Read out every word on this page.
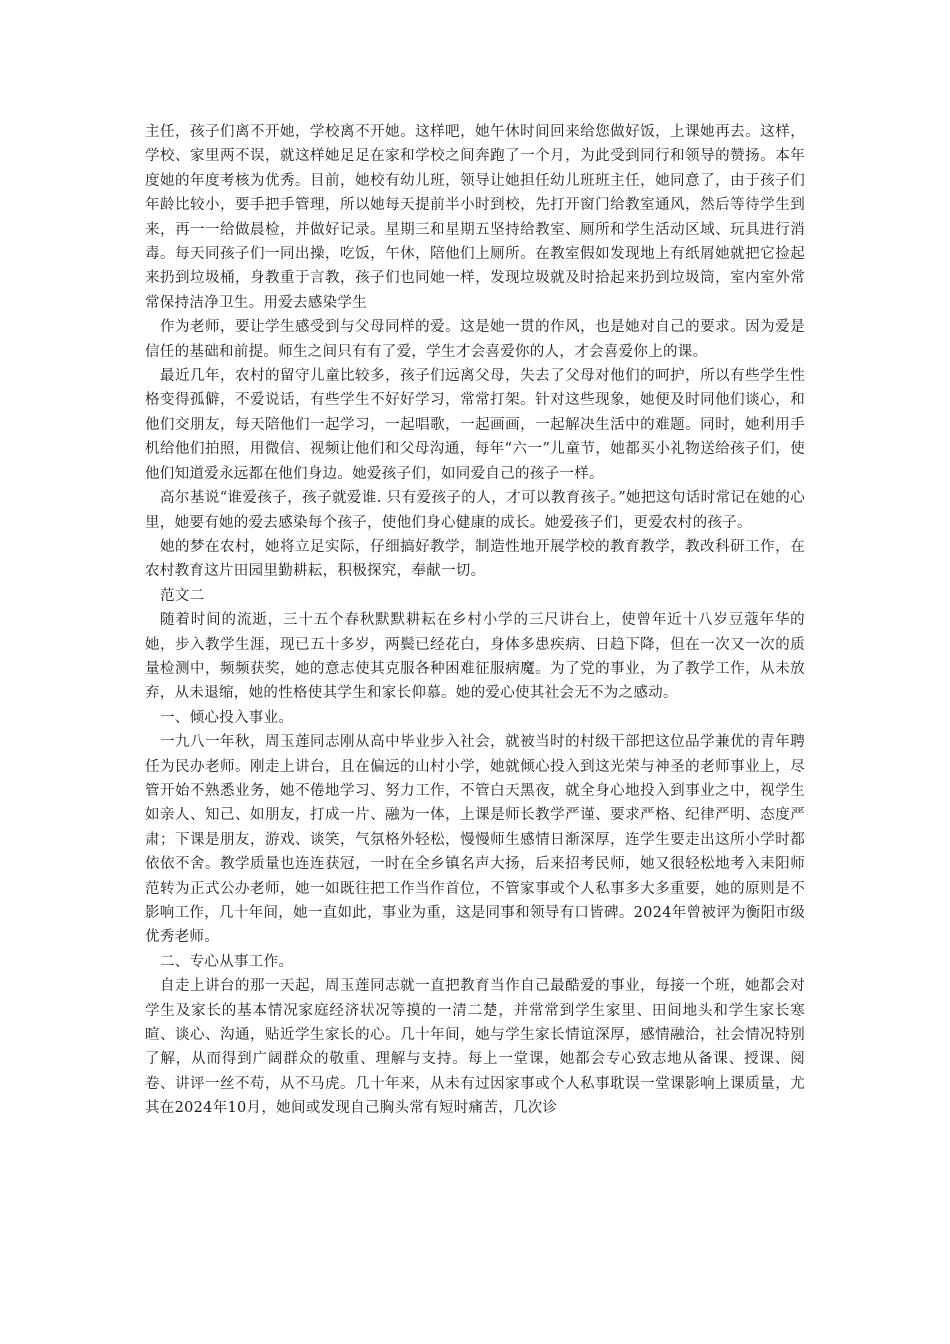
主任，孩子们离不开她，学校离不开她。这样吧，她午休时间回来给您做好饭，上课她再去。这样，学校、家里两不误，就这样她足足在家和学校之间奔跑了一个月，为此受到同行和领导的赞扬。本年度她的年度考核为优秀。目前，她校有幼儿班，领导让她担任幼儿班班主任，她同意了，由于孩子们年龄比较小，要手把手管理，所以她每天提前半小时到校，先打开窗门给教室通风，然后等待学生到来，再一一给做晨检，并做好记录。星期三和星期五坚持给教室、厕所和学生活动区域、玩具进行消毒。每天同孩子们一同出操，吃饭，午休，陪他们上厕所。在教室假如发现地上有纸屑她就把它捡起来扔到垃圾桶，身教重于言教，孩子们也同她一样，发现垃圾就及时拾起来扔到垃圾筒，室内室外常常保持洁净卫生。用爱去感染学生

作为老师，要让学生感受到与父母同样的爱。这是她一贯的作风，也是她对自己的要求。因为爱是信任的基础和前提。师生之间只有有了爱，学生才会喜爱你的人，才会喜爱你上的课。

最近几年，农村的留守儿童比较多，孩子们远离父母，失去了父母对他们的呵护，所以有些学生性格变得孤僻，不爱说话，有些学生不好好学习，常常打架。针对这些现象，她便及时同他们谈心，和他们交朋友，每天陪他们一起学习，一起唱歌，一起画画，一起解决生活中的难题。同时，她利用手机给他们拍照，用微信、视频让他们和父母沟通，每年“六一”儿童节，她都买小礼物送给孩子们，使他们知道爱永远都在他们身边。她爱孩子们，如同爱自己的孩子一样。

高尔基说“谁爱孩子，孩子就爱谁. 只有爱孩子的人，才可以教育孩子。”她把这句话时常记在她的心里，她要有她的爱去感染每个孩子，使他们身心健康的成长。她爱孩子们，更爱农村的孩子。

她的梦在农村，她将立足实际，仔细搞好教学，制造性地开展学校的教育教学，教改科研工作，在农村教育这片田园里勤耕耘，积极探究，奉献一切。

范文二

随着时间的流逝，三十五个春秋默默耕耘在乡村小学的三尺讲台上，使曾年近十八岁豆蔻年华的她，步入教学生涯，现已五十多岁，两鬓已经花白，身体多患疾病、日趋下降，但在一次又一次的质量检测中，频频获奖，她的意志使其克服各种困难征服病魔。为了党的事业，为了教学工作，从未放弃，从未退缩，她的性格使其学生和家长仰慕。她的爱心使其社会无不为之感动。

一、倾心投入事业。

一九八一年秋，周玉莲同志刚从高中毕业步入社会，就被当时的村级干部把这位品学兼优的青年聘任为民办老师。刚走上讲台，且在偏远的山村小学，她就倾心投入到这光荣与神圣的老师事业上，尽管开始不熟悉业务，她不倦地学习、努力工作，不管白天黑夜，就全身心地投入到事业之中，视学生如亲人、知己、如朋友，打成一片、融为一体，上课是师长教学严谨、要求严格、纪律严明、态度严肃；下课是朋友，游戏、谈笑，气氛格外轻松，慢慢师生感情日渐深厚，连学生要走出这所小学时都依依不舍。教学质量也连连获冠，一时在全乡镇名声大扬，后来招考民师，她又很轻松地考入耒阳师范转为正式公办老师，她一如既往把工作当作首位，不管家事或个人私事多大多重要，她的原则是不影响工作，几十年间，她一直如此，事业为重，这是同事和领导有口皆碑。2024年曾被评为衡阳市级优秀老师。

二、专心从事工作。

自走上讲台的那一天起，周玉莲同志就一直把教育当作自己最酷爱的事业，每接一个班，她都会对学生及家长的基本情况家庭经济状况等摸的一清二楚，并常常到学生家里、田间地头和学生家长寒暄、谈心、沟通，贴近学生家长的心。几十年间，她与学生家长情谊深厚，感情融洽，社会情况特别了解，从而得到广阔群众的敬重、理解与支持。每上一堂课，她都会专心致志地从备课、授课、阅卷、讲评一丝不苟，从不马虎。几十年来，从未有过因家事或个人私事耽误一堂课影响上课质量，尤其在2024年10月，她间或发现自己胸头常有短时痛苦，几次诊
